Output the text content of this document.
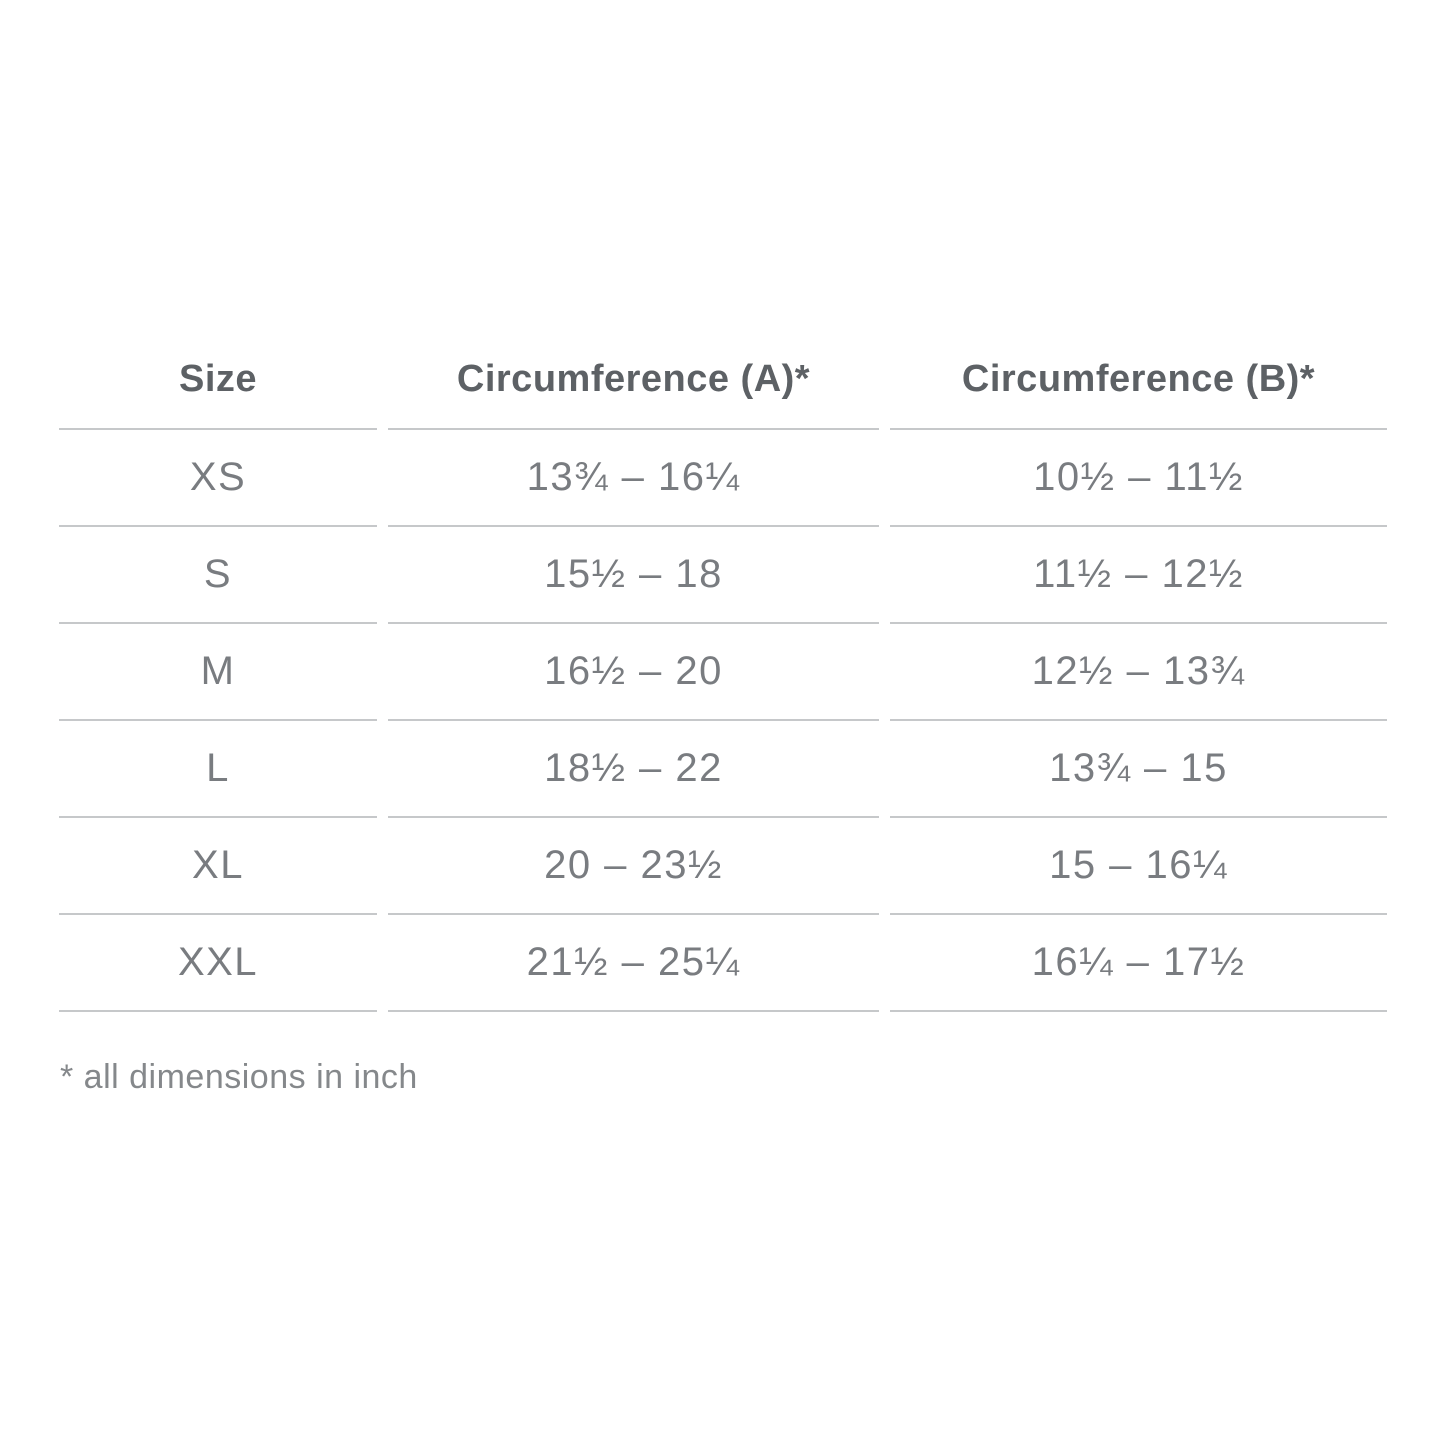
Size	Circumference (A)*	Circumference (B)*
XS	13¾ – 16¼	10½ – 11½
S	15½ – 18	11½ – 12½
M	16½ – 20	12½ – 13¾
L	18½ – 22	13¾ – 15
XL	20 – 23½	15 – 16¼
XXL	21½ – 25¼	16¼ – 17½
* all dimensions in inch
